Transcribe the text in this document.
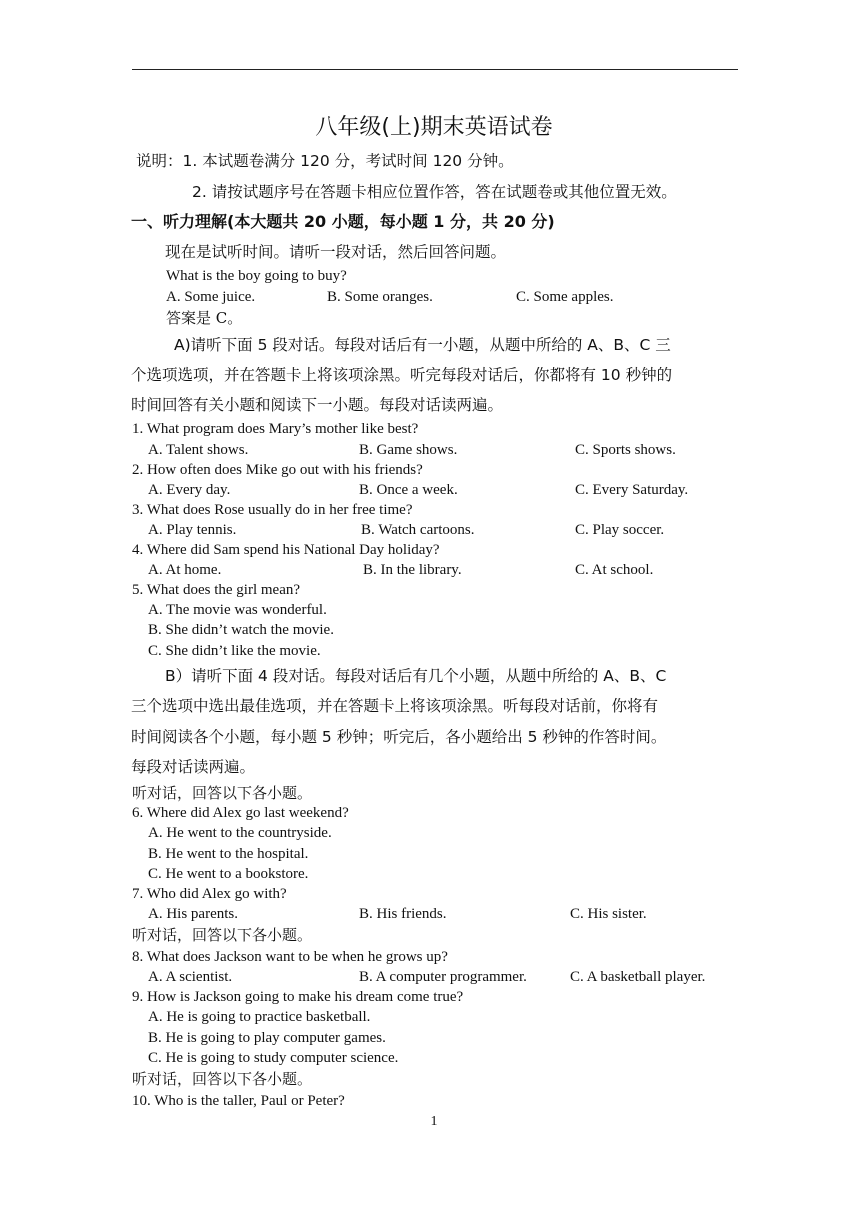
八年级(上)期末英语试卷
说明：1. 本试题卷满分 120 分，考试时间 120 分钟。
2. 请按试题序号在答题卡相应位置作答，答在试题卷或其他位置无效。
一、听力理解(本大题共 20 小题，每小题 1 分，共 20 分)
现在是试听时间。请听一段对话，然后回答问题。
What is the boy going to buy?
A. Some juice.	B. Some oranges.	C. Some apples.
答案是 C。
A)请听下面 5 段对话。每段对话后有一小题，从题中所给的 A、B、C 三
个选项选项，并在答题卡上将该项涂黑。听完每段对话后，你都将有 10 秒钟的
时间回答有关小题和阅读下一小题。每段对话读两遍。
1. What program does Mary’s mother like best?
A. Talent shows.	B. Game shows.	C. Sports shows.
2. How often does Mike go out with his friends?
A. Every day.	B. Once a week.	C. Every Saturday.
3. What does Rose usually do in her free time?
A. Play tennis.	B. Watch cartoons.	C. Play soccer.
4. Where did Sam spend his National Day holiday?
A. At home.	B. In the library.	C. At school.
5. What does the girl mean?
A. The movie was wonderful.
B. She didn’t watch the movie.
C. She didn’t like the movie.
B）请听下面 4 段对话。每段对话后有几个小题，从题中所给的 A、B、C
三个选项中选出最佳选项，并在答题卡上将该项涂黑。听每段对话前，你将有
时间阅读各个小题，每小题 5 秒钟；听完后，各小题给出 5 秒钟的作答时间。
每段对话读两遍。
听对话，回答以下各小题。
6. Where did Alex go last weekend?
A. He went to the countryside.
B. He went to the hospital.
C. He went to a bookstore.
7. Who did Alex go with?
A. His parents.	B. His friends.	C. His sister.
听对话，回答以下各小题。
8. What does Jackson want to be when he grows up?
A. A scientist.	B. A computer programmer.	C. A basketball player.
9. How is Jackson going to make his dream come true?
A. He is going to practice basketball.
B. He is going to play computer games.
C. He is going to study computer science.
听对话，回答以下各小题。
10. Who is the taller, Paul or Peter?
1
